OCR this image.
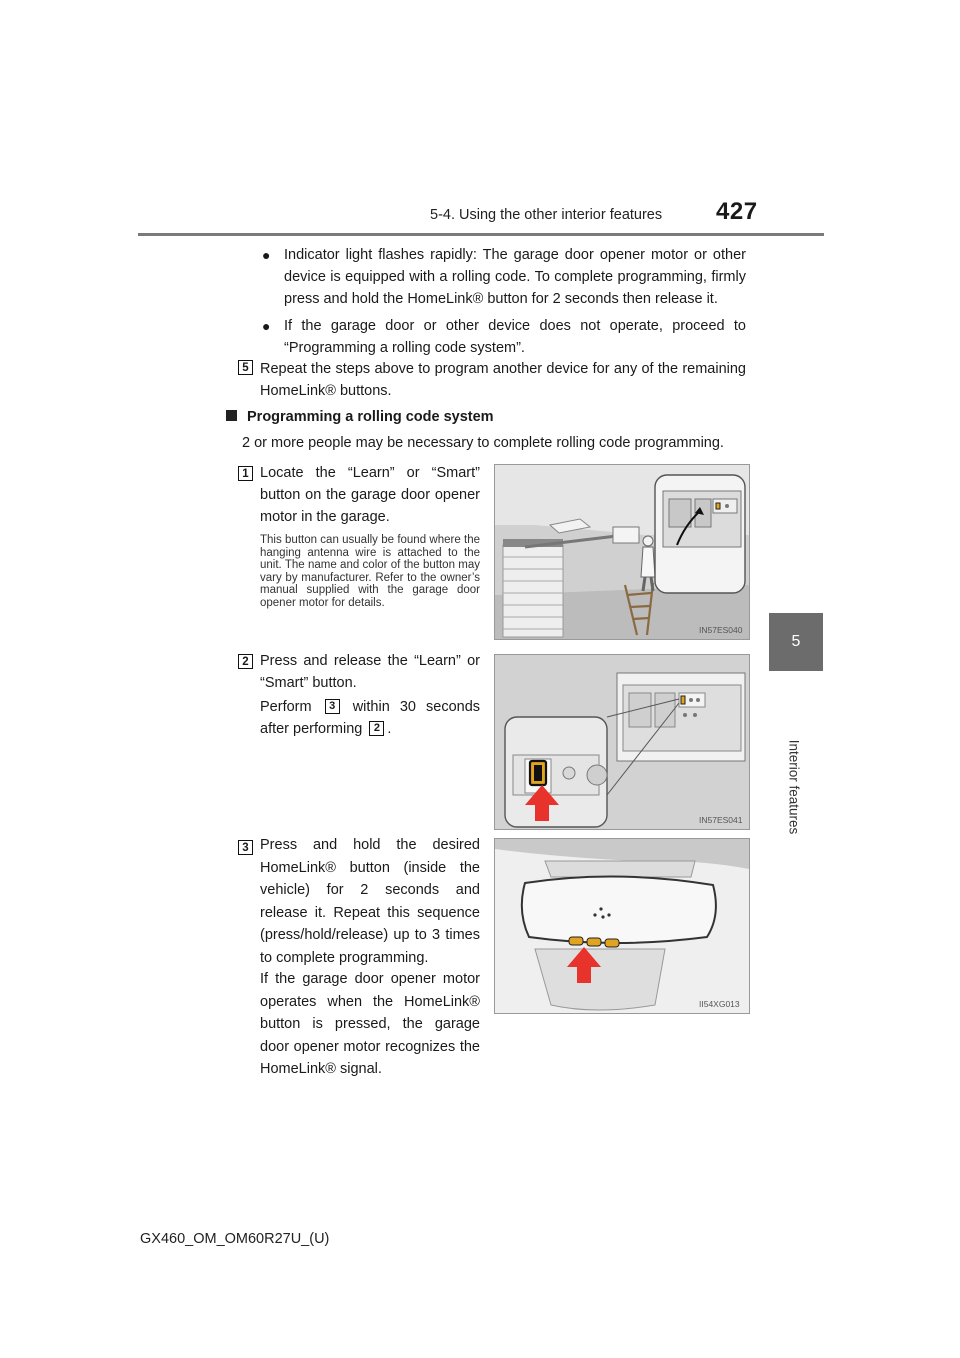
5-4. Using the other interior features 427
5
Interior features
● Indicator light flashes rapidly: The garage door opener motor or other device is equipped with a rolling code. To complete programming, firmly press and hold the HomeLink® button for 2 seconds then release it.
● If the garage door or other device does not operate, proceed to “Programming a rolling code system”.
5 Repeat the steps above to program another device for any of the remaining HomeLink® buttons.
Programming a rolling code system
2 or more people may be necessary to complete rolling code programming.
1 Locate the “Learn” or “Smart” button on the garage door opener motor in the garage.
This button can usually be found where the hanging antenna wire is attached to the unit. The name and color of the button may vary by manufacturer. Refer to the owner’s manual supplied with the garage door opener motor for details.
IN57ES040
2 Press and release the “Learn” or “Smart” button.
Perform 3 within 30 seconds after performing 2 .
IN57ES041
3 Press and hold the desired HomeLink® button (inside the vehicle) for 2 seconds and release it. Repeat this sequence (press/hold/release) up to 3 times to complete programming.
If the garage door opener motor operates when the HomeLink® button is pressed, the garage door opener motor recognizes the HomeLink® signal.
II54XG013
GX460_OM_OM60R27U_(U)
